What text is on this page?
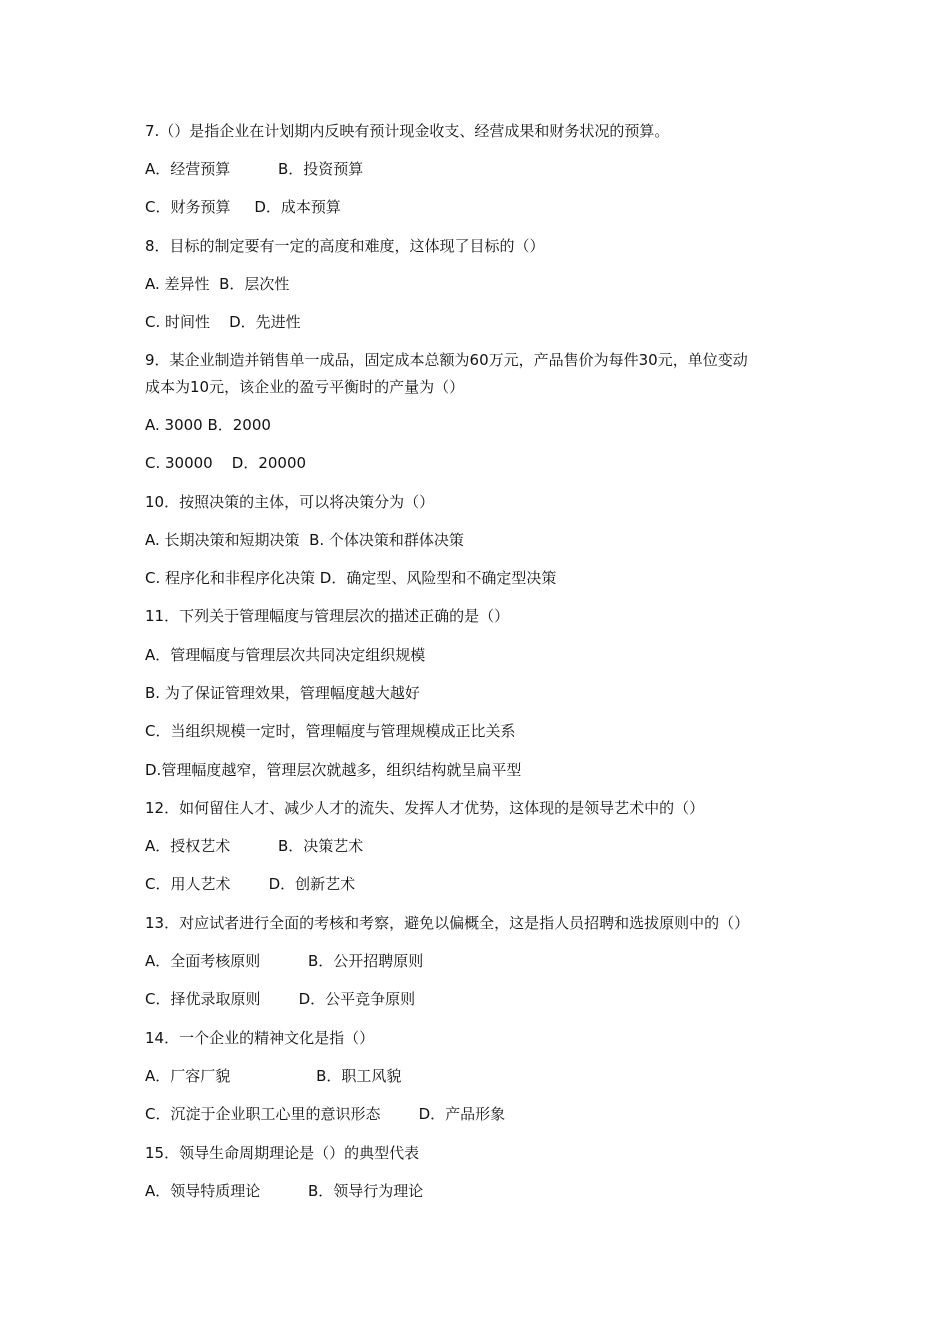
7.（）是指企业在计划期内反映有预计现金收支、经营成果和财务状况的预算。
A．经营预算          B．投资预算
C．财务预算     D．成本预算
8．目标的制定要有一定的高度和难度，这体现了目标的（）
A. 差异性  B．层次性
C. 时间性    D．先进性
9．某企业制造并销售单一成品，固定成本总额为60万元，产品售价为每件30元，单位变动
成本为10元，该企业的盈亏平衡时的产量为（）
A. 3000 B．2000
C. 30000    D．20000
10．按照决策的主体，可以将决策分为（）
A. 长期决策和短期决策  B. 个体决策和群体决策
C. 程序化和非程序化决策 D．确定型、风险型和不确定型决策
11．下列关于管理幅度与管理层次的描述正确的是（）
A．管理幅度与管理层次共同决定组织规模
B. 为了保证管理效果，管理幅度越大越好
C．当组织规模一定时，管理幅度与管理规模成正比关系
D.管理幅度越窄，管理层次就越多，组织结构就呈扁平型
12．如何留住人才、减少人才的流失、发挥人才优势，这体现的是领导艺术中的（）
A．授权艺术          B．决策艺术
C．用人艺术        D．创新艺术
13．对应试者进行全面的考核和考察，避免以偏概全，这是指人员招聘和选拔原则中的（）
A．全面考核原则          B．公开招聘原则
C．择优录取原则        D．公平竞争原则
14．一个企业的精神文化是指（）
A．厂容厂貌                  B．职工风貌
C．沉淀于企业职工心里的意识形态        D．产品形象
15．领导生命周期理论是（）的典型代表
A．领导特质理论          B．领导行为理论
